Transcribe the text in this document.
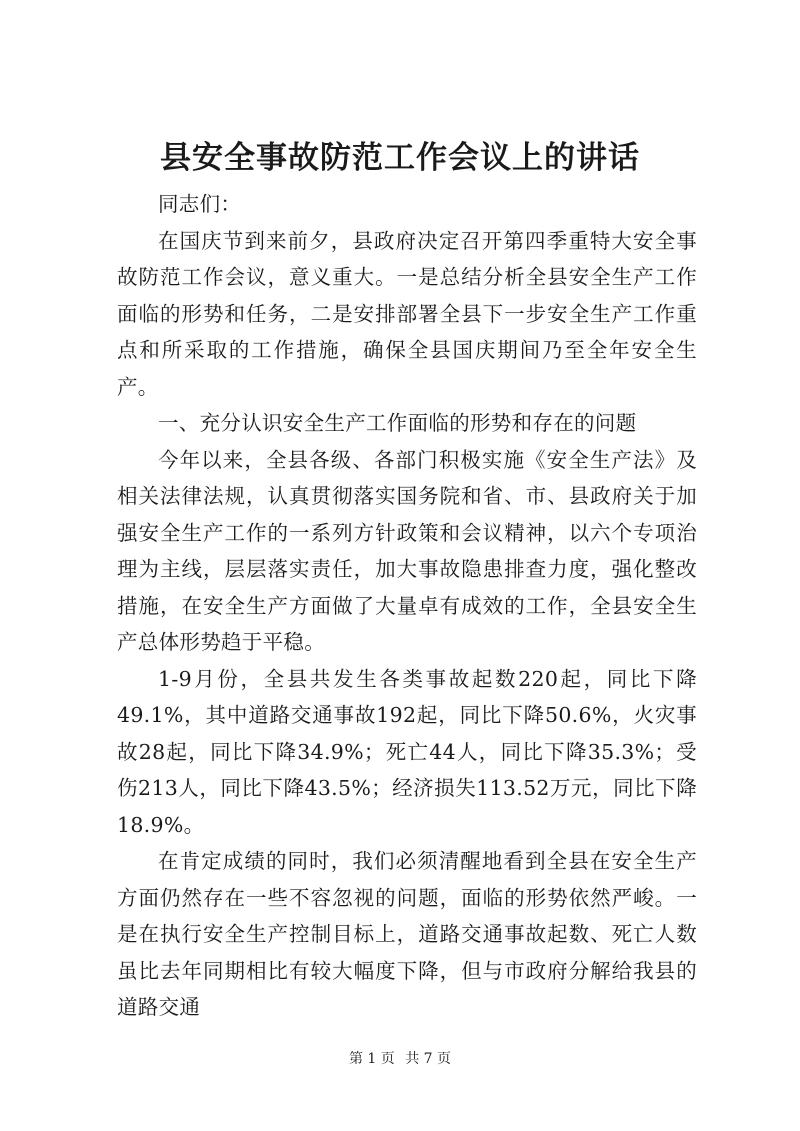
县安全事故防范工作会议上的讲话

同志们：

在国庆节到来前夕，县政府决定召开第四季重特大安全事故防范工作会议，意义重大。一是总结分析全县安全生产工作面临的形势和任务，二是安排部署全县下一步安全生产工作重点和所采取的工作措施，确保全县国庆期间乃至全年安全生产。

一、充分认识安全生产工作面临的形势和存在的问题

今年以来，全县各级、各部门积极实施《安全生产法》及相关法律法规，认真贯彻落实国务院和省、市、县政府关于加强安全生产工作的一系列方针政策和会议精神，以六个专项治理为主线，层层落实责任，加大事故隐患排查力度，强化整改措施，在安全生产方面做了大量卓有成效的工作，全县安全生产总体形势趋于平稳。

1-9月份，全县共发生各类事故起数220起，同比下降49.1%，其中道路交通事故192起，同比下降50.6%，火灾事故28起，同比下降34.9%；死亡44人，同比下降35.3%；受伤213人，同比下降43.5%；经济损失113.52万元，同比下降18.9%。

在肯定成绩的同时，我们必须清醒地看到全县在安全生产方面仍然存在一些不容忽视的问题，面临的形势依然严峻。一是在执行安全生产控制目标上，道路交通事故起数、死亡人数虽比去年同期相比有较大幅度下降，但与市政府分解给我县的道路交通

第 1 页 共 7 页
